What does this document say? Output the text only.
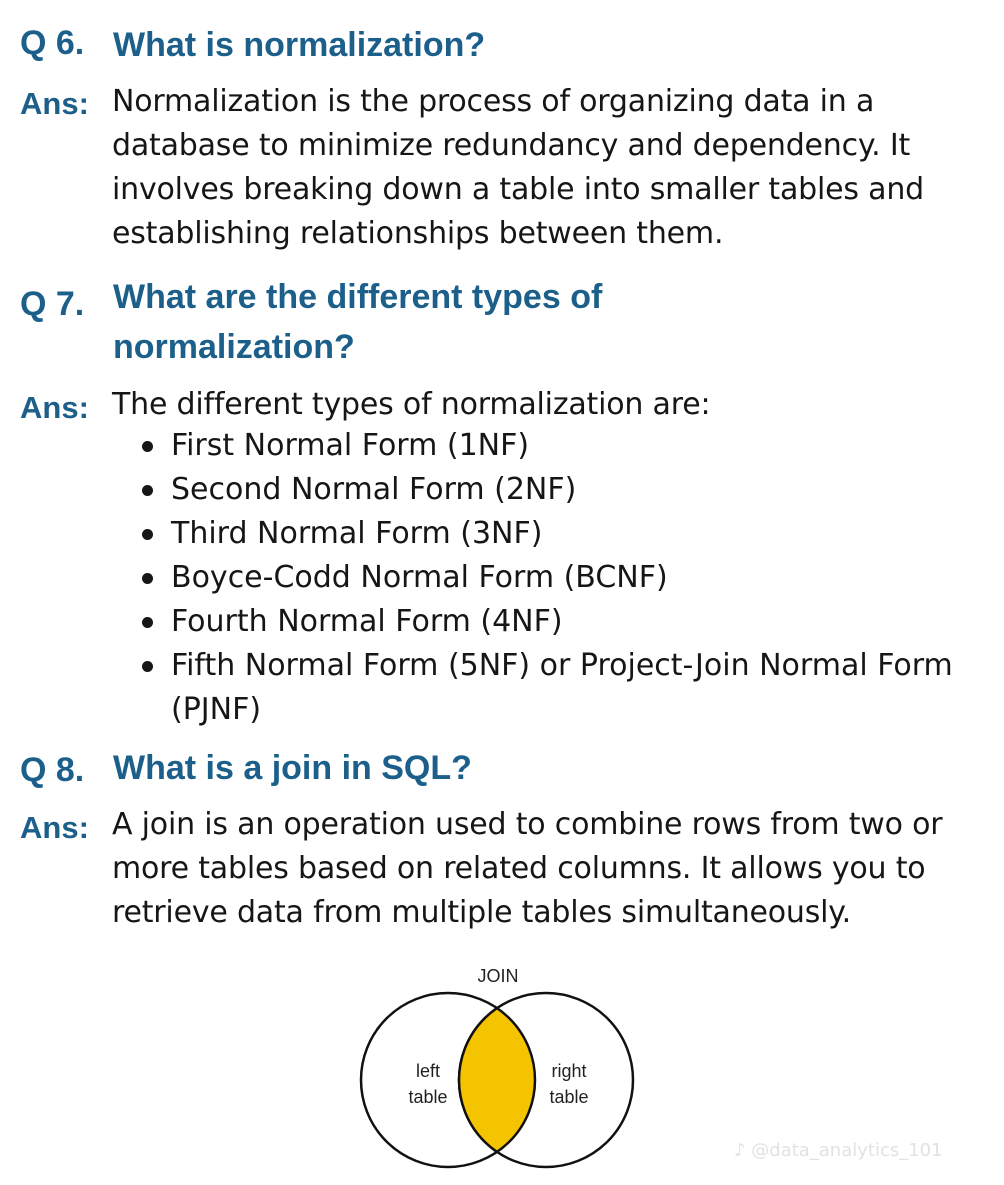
Q 6. What is normalization?
Ans: Normalization is the process of organizing data in a database to minimize redundancy and dependency. It involves breaking down a table into smaller tables and establishing relationships between them.
Q 7. What are the different types of normalization?
Ans: The different types of normalization are:
First Normal Form (1NF)
Second Normal Form (2NF)
Third Normal Form (3NF)
Boyce-Codd Normal Form (BCNF)
Fourth Normal Form (4NF)
Fifth Normal Form (5NF) or Project-Join Normal Form (PJNF)
Q 8. What is a join in SQL?
Ans: A join is an operation used to combine rows from two or more tables based on related columns. It allows you to retrieve data from multiple tables simultaneously.
JOIN
left
table
right
table
♪ @data_analytics_101
